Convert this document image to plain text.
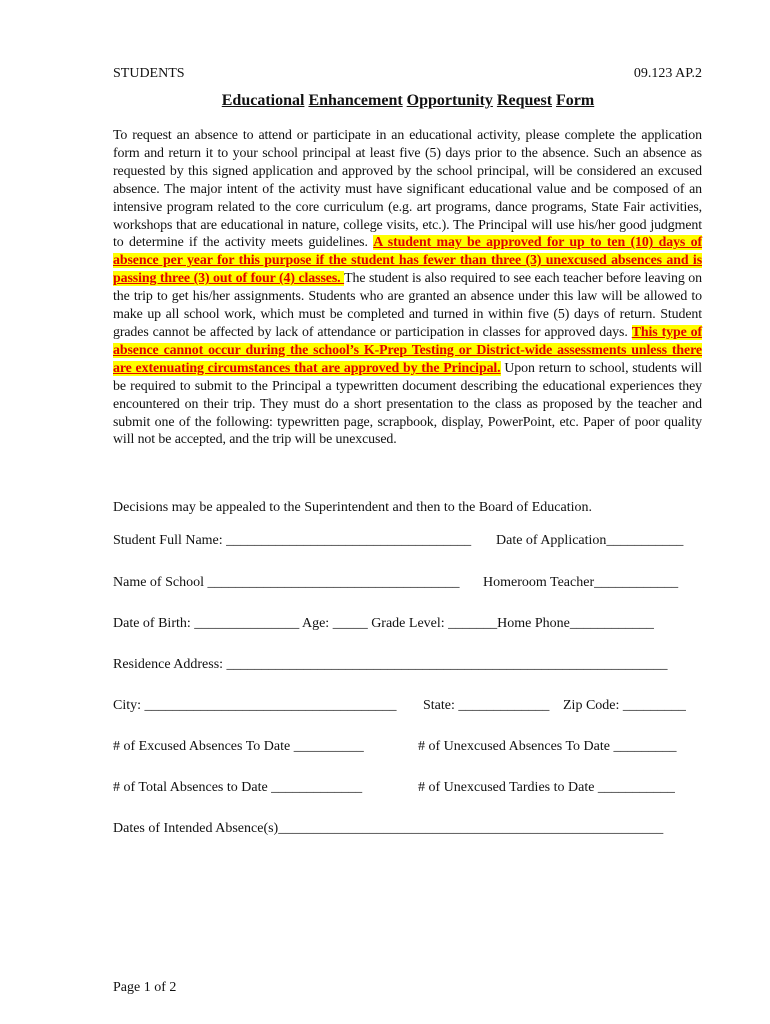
STUDENTS	09.123 AP.2
Educational Enhancement Opportunity Request Form
To request an absence to attend or participate in an educational activity, please complete the application form and return it to your school principal at least five (5) days prior to the absence. Such an absence as requested by this signed application and approved by the school principal, will be considered an excused absence. The major intent of the activity must have significant educational value and be composed of an intensive program related to the core curriculum (e.g. art programs, dance programs, State Fair activities, workshops that are educational in nature, college visits, etc.). The Principal will use his/her good judgment to determine if the activity meets guidelines. A student may be approved for up to ten (10) days of absence per year for this purpose if the student has fewer than three (3) unexcused absences and is passing three (3) out of four (4) classes. The student is also required to see each teacher before leaving on the trip to get his/her assignments. Students who are granted an absence under this law will be allowed to make up all school work, which must be completed and turned in within five (5) days of return. Student grades cannot be affected by lack of attendance or participation in classes for approved days. This type of absence cannot occur during the school’s K-Prep Testing or District-wide assessments unless there are extenuating circumstances that are approved by the Principal. Upon return to school, students will be required to submit to the Principal a typewritten document describing the educational experiences they encountered on their trip. They must do a short presentation to the class as proposed by the teacher and submit one of the following: typewritten page, scrapbook, display, PowerPoint, etc. Paper of poor quality will not be accepted, and the trip will be unexcused.
Decisions may be appealed to the Superintendent and then to the Board of Education.
Student Full Name: ___________________________________	Date of Application___________
Name of School ____________________________________	Homeroom Teacher____________
Date of Birth: _______________ Age: _____ Grade Level: _______Home Phone____________
Residence Address: _______________________________________________________________
City: ____________________________________	State: _____________ Zip Code: _________
# of Excused Absences To Date __________	# of Unexcused Absences To Date _________
# of Total Absences to Date _____________	# of Unexcused Tardies to Date ___________
Dates of Intended Absence(s)_______________________________________________________
Page 1 of 2
